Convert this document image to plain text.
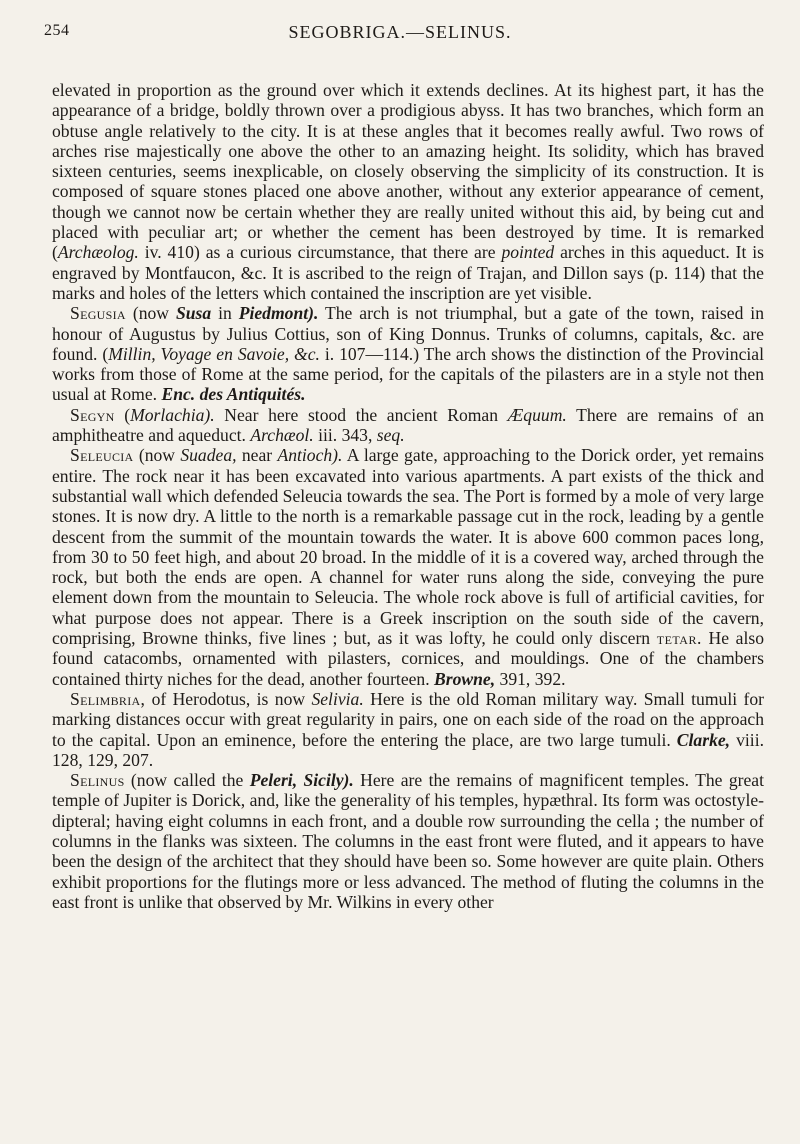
254	SEGOBRIGA.—SELINUS.

elevated in proportion as the ground over which it extends declines. At its highest part, it has the appearance of a bridge, boldly thrown over a prodigious abyss. It has two branches, which form an obtuse angle relatively to the city. It is at these angles that it becomes really awful. Two rows of arches rise majestically one above the other to an amazing height. Its solidity, which has braved sixteen centuries, seems inexplicable, on closely observing the simplicity of its construction. It is composed of square stones placed one above another, without any exterior appearance of cement, though we cannot now be certain whether they are really united without this aid, by being cut and placed with peculiar art; or whether the cement has been destroyed by time. It is remarked (Archæolog. iv. 410) as a curious circumstance, that there are pointed arches in this aqueduct. It is engraved by Montfaucon, &c. It is ascribed to the reign of Trajan, and Dillon says (p. 114) that the marks and holes of the letters which contained the inscription are yet visible.

Segusia (now Susa in Piedmont). The arch is not triumphal, but a gate of the town, raised in honour of Augustus by Julius Cottius, son of King Donnus. Trunks of columns, capitals, &c. are found. (Millin, Voyage en Savoie, &c. i. 107—114.) The arch shows the distinction of the Provincial works from those of Rome at the same period, for the capitals of the pilasters are in a style not then usual at Rome. Enc. des Antiquités.

Segyn (Morlachia). Near here stood the ancient Roman Æquum. There are remains of an amphitheatre and aqueduct. Archæol. iii. 343, seq.

Seleucia (now Suadea, near Antioch). A large gate, approaching to the Dorick order, yet remains entire. The rock near it has been excavated into various apartments. A part exists of the thick and substantial wall which defended Seleucia towards the sea. The Port is formed by a mole of very large stones. It is now dry. A little to the north is a remarkable passage cut in the rock, leading by a gentle descent from the summit of the mountain towards the water. It is above 600 common paces long, from 30 to 50 feet high, and about 20 broad. In the middle of it is a covered way, arched through the rock, but both the ends are open. A channel for water runs along the side, conveying the pure element down from the mountain to Seleucia. The whole rock above is full of artificial cavities, for what purpose does not appear. There is a Greek inscription on the south side of the cavern, comprising, Browne thinks, five lines ; but, as it was lofty, he could only discern tetar. He also found catacombs, ornamented with pilasters, cornices, and mouldings. One of the chambers contained thirty niches for the dead, another fourteen. Browne, 391, 392.

Selimbria, of Herodotus, is now Selivia. Here is the old Roman military way. Small tumuli for marking distances occur with great regularity in pairs, one on each side of the road on the approach to the capital. Upon an eminence, before the entering the place, are two large tumuli. Clarke, viii. 128, 129, 207.

Selinus (now called the Peleri, Sicily). Here are the remains of magnificent temples. The great temple of Jupiter is Dorick, and, like the generality of his temples, hypæthral. Its form was octostyle-dipteral; having eight columns in each front, and a double row surrounding the cella ; the number of columns in the flanks was sixteen. The columns in the east front were fluted, and it appears to have been the design of the architect that they should have been so. Some however are quite plain. Others exhibit proportions for the flutings more or less advanced. The method of fluting the columns in the east front is unlike that observed by Mr. Wilkins in every other
